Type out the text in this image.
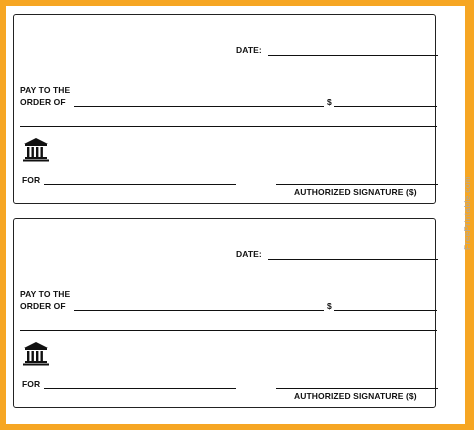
DATE:
PAY TO THE
ORDER OF	$
FOR
AUTHORIZED SIGNATURE ($)
DATE:
PAY TO THE
ORDER OF	$
FOR
AUTHORIZED SIGNATURE ($)
FreePrintable.com
